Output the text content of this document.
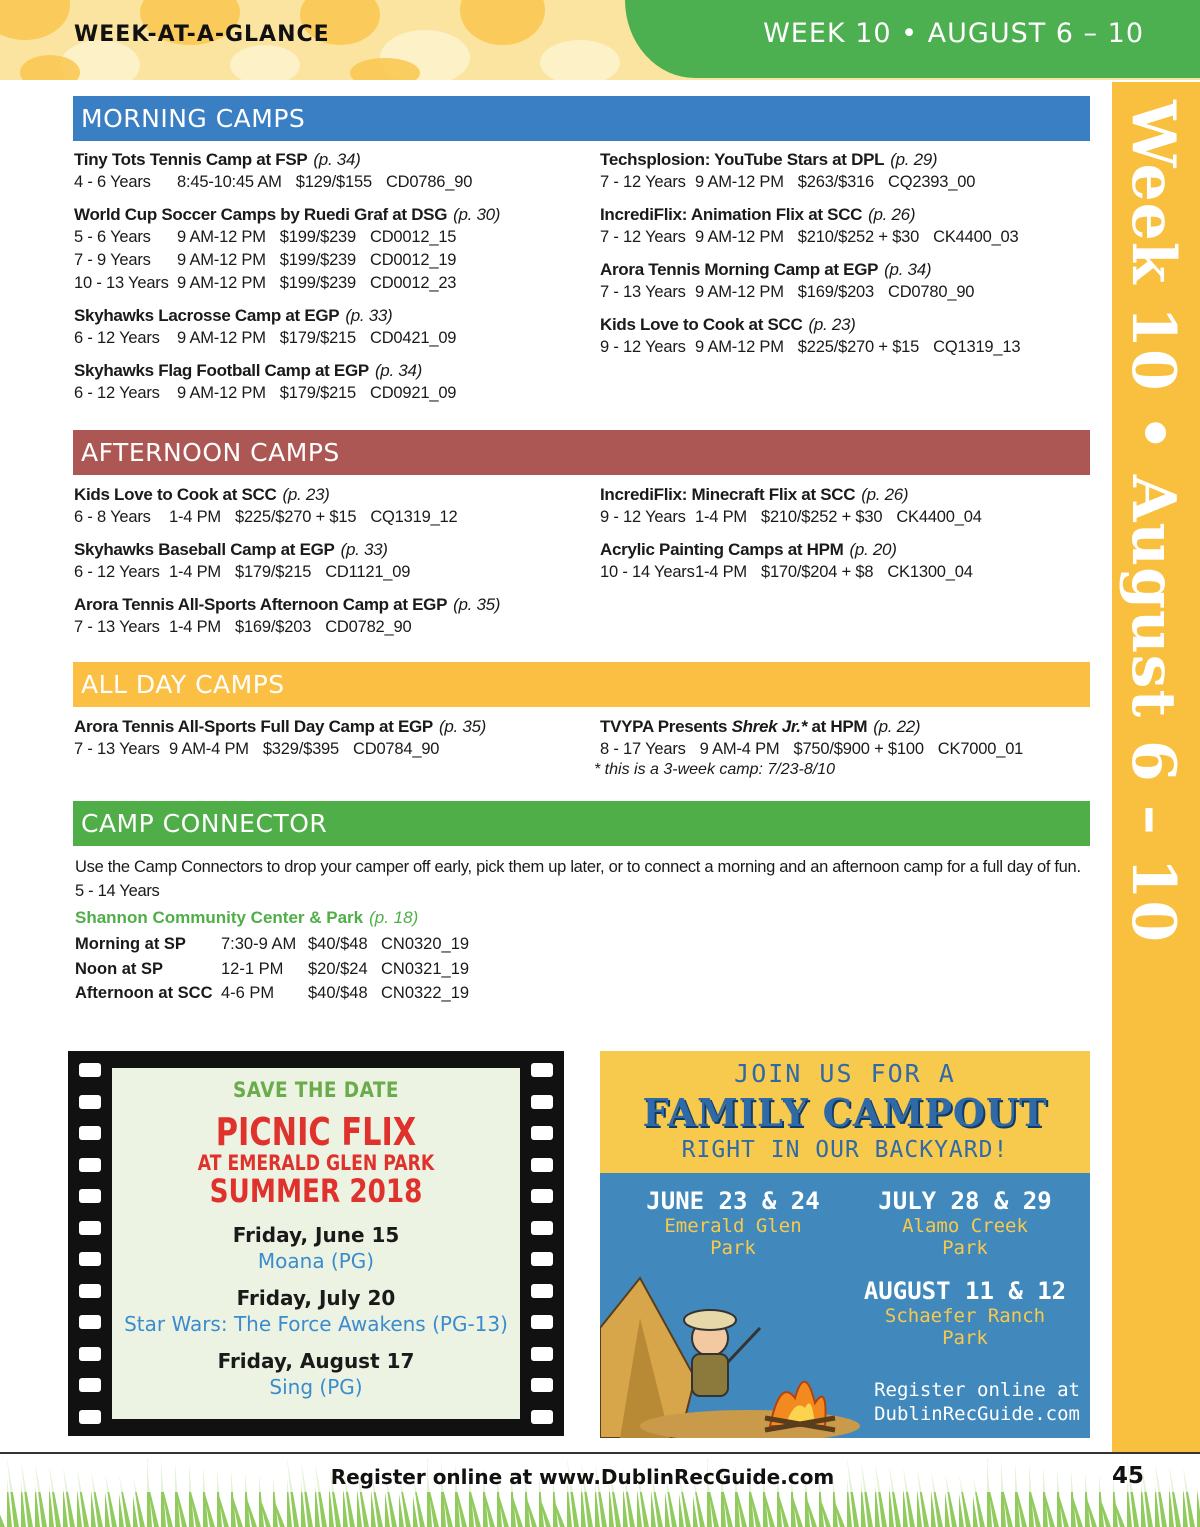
WEEK-AT-A-GLANCE	WEEK 10 • AUGUST 6 – 10
Week 10 • August 6 – 10
MORNING CAMPS
Tiny Tots Tennis Camp at FSP (p. 34)
4 - 6 Years 8:45-10:45 AM $129/$155 CD0786_90
World Cup Soccer Camps by Ruedi Graf at DSG (p. 30)
5 - 6 Years 9 AM-12 PM $199/$239 CD0012_15
7 - 9 Years 9 AM-12 PM $199/$239 CD0012_19
10 - 13 Years 9 AM-12 PM $199/$239 CD0012_23
Skyhawks Lacrosse Camp at EGP (p. 33)
6 - 12 Years 9 AM-12 PM $179/$215 CD0421_09
Skyhawks Flag Football Camp at EGP (p. 34)
6 - 12 Years 9 AM-12 PM $179/$215 CD0921_09
Techsplosion: YouTube Stars at DPL (p. 29)
7 - 12 Years 9 AM-12 PM $263/$316 CQ2393_00
IncrediFlix: Animation Flix at SCC (p. 26)
7 - 12 Years 9 AM-12 PM $210/$252 + $30 CK4400_03
Arora Tennis Morning Camp at EGP (p. 34)
7 - 13 Years 9 AM-12 PM $169/$203 CD0780_90
Kids Love to Cook at SCC (p. 23)
9 - 12 Years 9 AM-12 PM $225/$270 + $15 CQ1319_13
AFTERNOON CAMPS
Kids Love to Cook at SCC (p. 23)
6 - 8 Years 1-4 PM $225/$270 + $15 CQ1319_12
Skyhawks Baseball Camp at EGP (p. 33)
6 - 12 Years 1-4 PM $179/$215 CD1121_09
Arora Tennis All-Sports Afternoon Camp at EGP (p. 35)
7 - 13 Years 1-4 PM $169/$203 CD0782_90
IncrediFlix: Minecraft Flix at SCC (p. 26)
9 - 12 Years 1-4 PM $210/$252 + $30 CK4400_04
Acrylic Painting Camps at HPM (p. 20)
10 - 14 Years1-4 PM $170/$204 + $8 CK1300_04
ALL DAY CAMPS
Arora Tennis All-Sports Full Day Camp at EGP (p. 35)
7 - 13 Years 9 AM-4 PM $329/$395 CD0784_90
TVYPA Presents Shrek Jr.* at HPM (p. 22)
8 - 17 Years 9 AM-4 PM $750/$900 + $100 CK7000_01
* this is a 3-week camp: 7/23-8/10
CAMP CONNECTOR
Use the Camp Connectors to drop your camper off early, pick them up later, or to connect a morning and an afternoon camp for a full day of fun.
5 - 14 Years
Shannon Community Center & Park (p. 18)
Morning at SP 7:30-9 AM $40/$48 CN0320_19
Noon at SP	12-1 PM $20/$24 CN0321_19
Afternoon at SCC 4-6 PM $40/$48 CN0322_19
SAVE THE DATE
PICNIC FLIX
AT EMERALD GLEN PARK
SUMMER 2018
Friday, June 15
Moana (PG)
Friday, July 20
Star Wars: The Force Awakens (PG-13)
Friday, August 17
Sing (PG)
JOIN US FOR A
FAMILY CAMPOUT
RIGHT IN OUR BACKYARD!
JUNE 23 & 24
Emerald Glen
Park
JULY 28 & 29
Alamo Creek
Park
AUGUST 11 & 12
Schaefer Ranch
Park
Register online at
DublinRecGuide.com
Register online at www.DublinRecGuide.com	45
